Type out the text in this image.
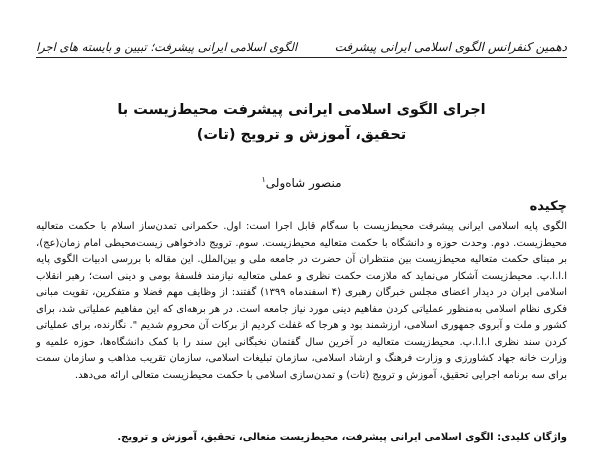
دهمین کنفرانس الگوی اسلامی ایرانی پیشرفت
الگوی اسلامی ایرانی پیشرفت؛ تبیین و بایسته های اجرا
اجرای الگوی اسلامی ایرانی پیشرفت محیط‌زیست با
تحقیق، آموزش و ترویج (تات)
منصور شاه‌ولی$^۱$
چکیده

الگوی پایه اسلامی ایرانی پیشرفت محیط‌زیست با سه‌گام قابل اجرا است: اول. حکمرانی تمدن‌ساز اسلام با حکمت متعالیه محیط‌زیست. دوم. وحدت حوزه و دانشگاه با حکمت متعالیه محیط‌زیست. سوم. ترویج دادخواهی زیست‌محیطی امام زمان(عج)، بر مبنای حکمت متعالیه محیط‌زیست بین منتظران آن حضرت در جامعه ملی و بین‌الملل. این مقاله با بررسی ادبیات الگوی پایه ا.ا.ا.پ. محیط‌زیست آشکار می‌نماید که ملازمت حکمت نظری و عملی متعالیه نیازمند فلسفهٔ بومی و دینی است؛ رهبر انقلاب اسلامی ایران در دیدار اعضای مجلس خبرگان رهبری (۴ اسفندماه ۱۳۹۹) گفتند: از وظایف مهم فضلا و متفکرین، تقویت مبانی فکری نظام اسلامی به‌منظور عملیاتی کردن مفاهیم دینی مورد نیاز جامعه است. در هر برهه‌ای که این مفاهیم عملیاتی شد، برای کشور و ملت و آبروی جمهوری اسلامی، ارزشمند بود و هرجا که غفلت کردیم از برکات آن محروم شدیم ". نگارنده، برای عملیاتی کردن سند نظری ا.ا.ا.پ. محیط‌زیست متعالیه در آخرین سال گفتمان نخبگانی این سند را با کمک دانشگاه‌ها، حوزه علمیه و وزارت خانه جهاد کشاورزی و وزارت فرهنگ و ارشاد اسلامی، سازمان تبلیغات اسلامی، سازمان تقریب مذاهب و سازمان سمت برای سه برنامه اجرایی تحقیق، آموزش و ترویج (تات) و تمدن‌سازی اسلامی با حکمت محیط‌زیست متعالی ارائه می‌دهد.

واژگان کلیدی: الگوی اسلامی ایرانی پیشرفت، محیط‌زیست متعالی، تحقیق، آموزش و ترویج.
